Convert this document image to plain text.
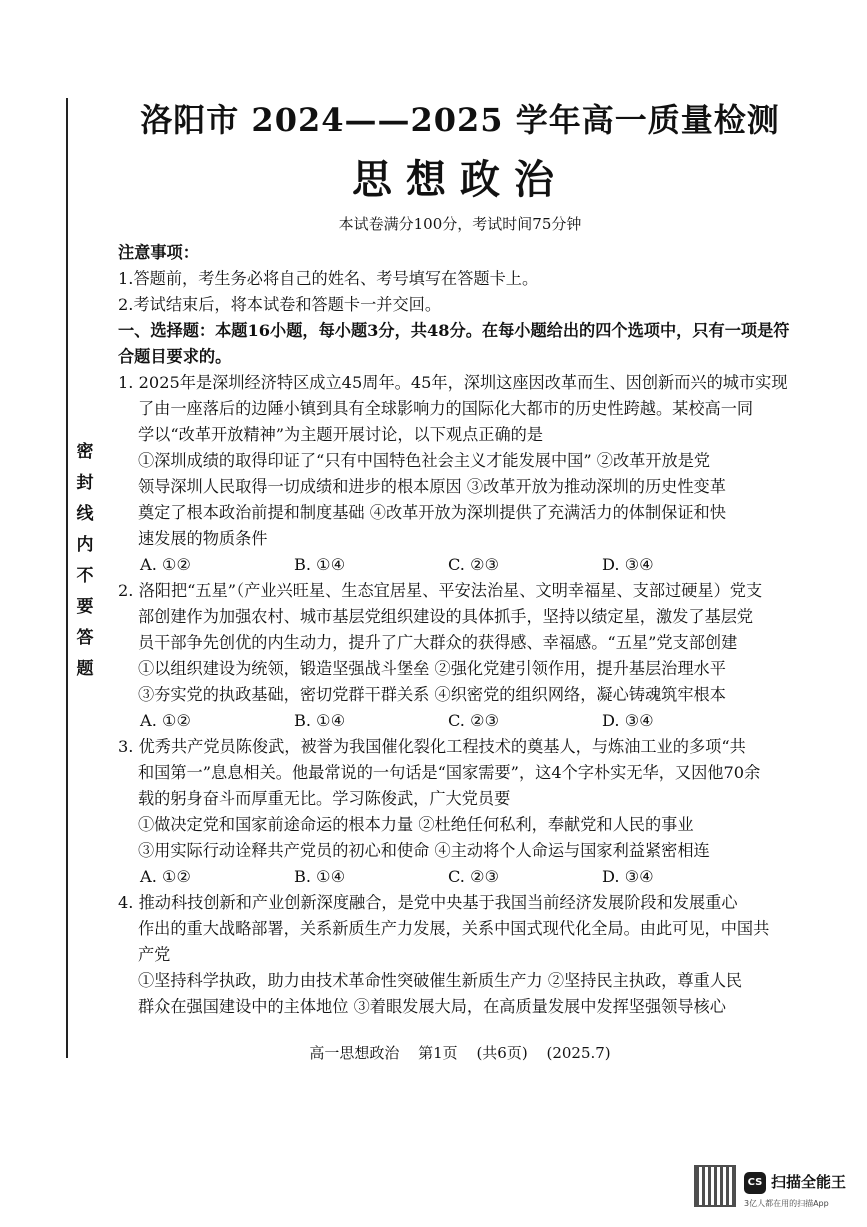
密
封
线
内
不
要
答
题
洛阳市 2024——2025 学年高一质量检测
思想政治
本试卷满分100分，考试时间75分钟
注意事项：
1.答题前，考生务必将自己的姓名、考号填写在答题卡上。
2.考试结束后，将本试卷和答题卡一并交回。
一、选择题：本题16小题，每小题3分，共48分。在每小题给出的四个选项中，只有一项是符
合题目要求的。
1. 2025年是深圳经济特区成立45周年。45年，深圳这座因改革而生、因创新而兴的城市实现
了由一座落后的边陲小镇到具有全球影响力的国际化大都市的历史性跨越。某校高一同
学以“改革开放精神”为主题开展讨论，以下观点正确的是
①深圳成绩的取得印证了“只有中国特色社会主义才能发展中国” ②改革开放是党
领导深圳人民取得一切成绩和进步的根本原因 ③改革开放为推动深圳的历史性变革
奠定了根本政治前提和制度基础 ④改革开放为深圳提供了充满活力的体制保证和快
速发展的物质条件
A. ①②	B. ①④	C. ②③	D. ③④
2. 洛阳把“五星”（产业兴旺星、生态宜居星、平安法治星、文明幸福星、支部过硬星）党支
部创建作为加强农村、城市基层党组织建设的具体抓手，坚持以绩定星，激发了基层党
员干部争先创优的内生动力，提升了广大群众的获得感、幸福感。“五星”党支部创建
①以组织建设为统领，锻造坚强战斗堡垒 ②强化党建引领作用，提升基层治理水平
③夯实党的执政基础，密切党群干群关系 ④织密党的组织网络，凝心铸魂筑牢根本
A. ①②	B. ①④	C. ②③	D. ③④
3. 优秀共产党员陈俊武，被誉为我国催化裂化工程技术的奠基人，与炼油工业的多项“共
和国第一”息息相关。他最常说的一句话是“国家需要”，这4个字朴实无华，又因他70余
载的躬身奋斗而厚重无比。学习陈俊武，广大党员要
①做决定党和国家前途命运的根本力量 ②杜绝任何私利，奉献党和人民的事业
③用实际行动诠释共产党员的初心和使命 ④主动将个人命运与国家利益紧密相连
A. ①②	B. ①④	C. ②③	D. ③④
4. 推动科技创新和产业创新深度融合，是党中央基于我国当前经济发展阶段和发展重心
作出的重大战略部署，关系新质生产力发展，关系中国式现代化全局。由此可见，中国共
产党
①坚持科学执政，助力由技术革命性突破催生新质生产力 ②坚持民主执政，尊重人民
群众在强国建设中的主体地位 ③着眼发展大局，在高质量发展中发挥坚强领导核心
高一思想政治 第1页 (共6页) (2025.7)
CS 扫描全能王
3亿人都在用的扫描App
